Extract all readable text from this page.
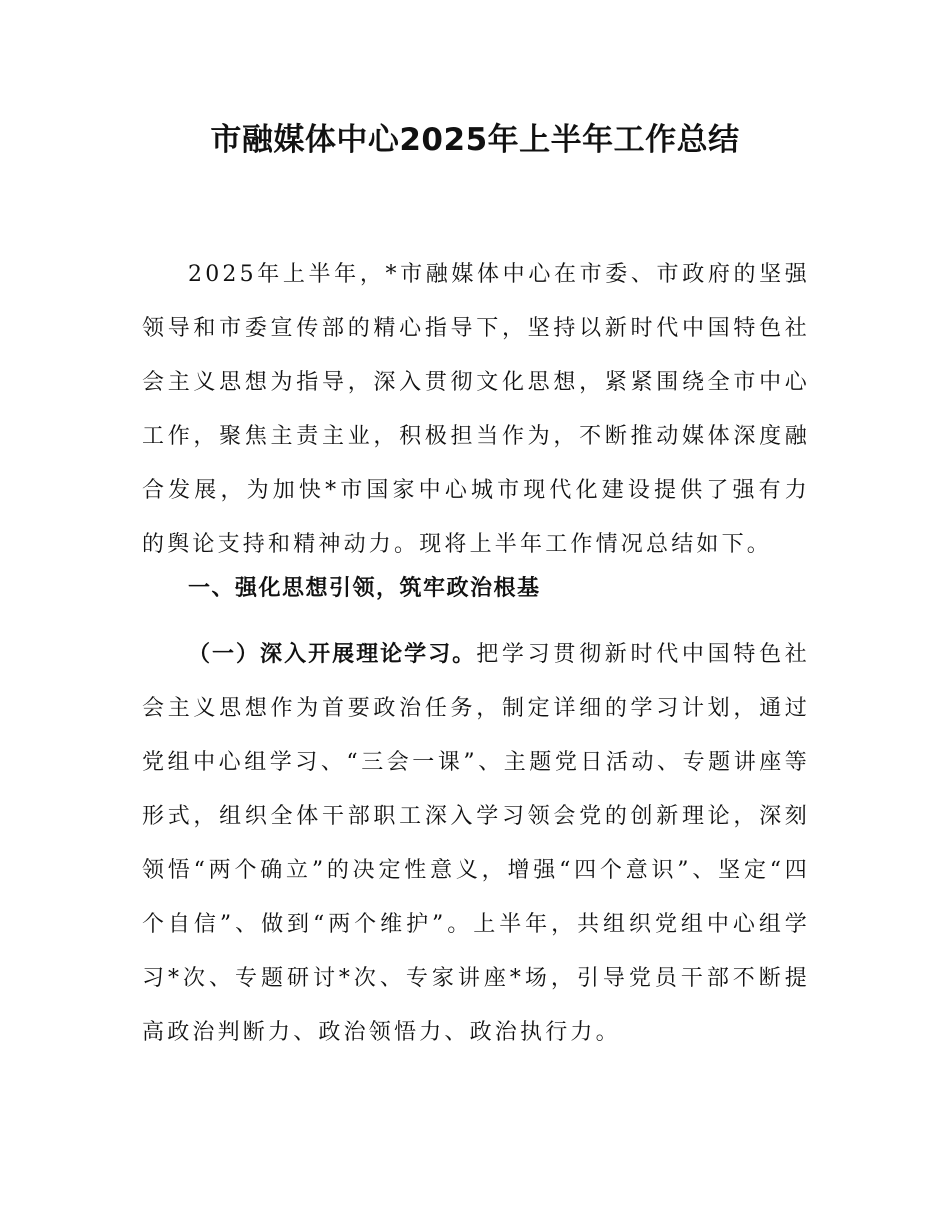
市融媒体中心2025年上半年工作总结

2025年上半年，*市融媒体中心在市委、市政府的坚强领导和市委宣传部的精心指导下，坚持以新时代中国特色社会主义思想为指导，深入贯彻文化思想，紧紧围绕全市中心工作，聚焦主责主业，积极担当作为，不断推动媒体深度融合发展，为加快*市国家中心城市现代化建设提供了强有力的舆论支持和精神动力。现将上半年工作情况总结如下。

一、强化思想引领，筑牢政治根基

（一）深入开展理论学习。把学习贯彻新时代中国特色社会主义思想作为首要政治任务，制定详细的学习计划，通过党组中心组学习、“三会一课”、主题党日活动、专题讲座等形式，组织全体干部职工深入学习领会党的创新理论，深刻领悟“两个确立”的决定性意义，增强“四个意识”、坚定“四个自信”、做到“两个维护”。上半年，共组织党组中心组学习*次、专题研讨*次、专家讲座*场，引导党员干部不断提高政治判断力、政治领悟力、政治执行力。
